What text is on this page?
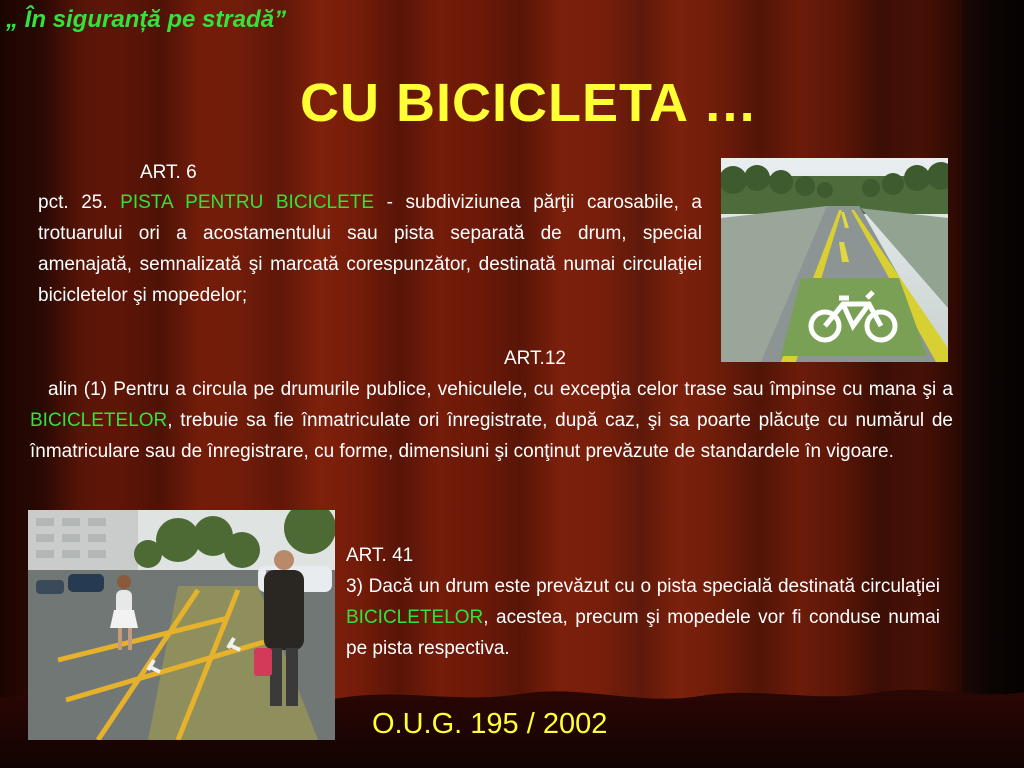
„ În siguranță pe stradă”

CU BICICLETA …
ART. 6

pct. 25. PISTA PENTRU BICICLETE - subdiviziunea părţii carosabile, a trotuarului ori a acostamentului sau pista separată de drum, special amenajată, semnalizată şi marcată corespunzător, destinată numai circulaţiei bicicletelor şi mopedelor;

ART.12

alin (1) Pentru a circula pe drumurile publice, vehiculele, cu excepţia celor trase sau împinse cu mana şi a BICICLETELOR, trebuie sa fie înmatriculate ori înregistrate, după caz, şi sa poarte plăcuţe cu numărul de înmatriculare sau de înregistrare, cu forme, dimensiuni şi conţinut prevăzute de standardele în vigoare.

ART. 41

3) Dacă un drum este prevăzut cu o pista specială destinată circulaţiei BICICLETELOR, acestea, precum şi mopedele vor fi conduse numai pe pista respectiva.

O.U.G. 195 / 2002
